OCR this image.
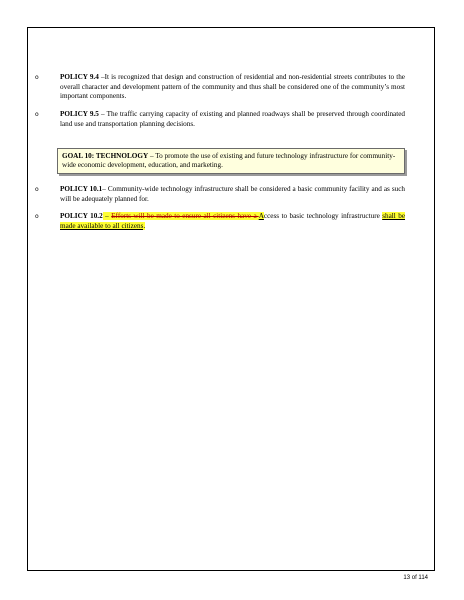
o	POLICY 9.4 –It is recognized that design and construction of residential and non-residential streets contributes to the overall character and development pattern of the community and thus shall be considered one of the community’s most important components.
o	POLICY 9.5 – The traffic carrying capacity of existing and planned roadways shall be preserved through coordinated land use and transportation planning decisions.
GOAL 10: TECHNOLOGY – To promote the use of existing and future technology infrastructure for community-wide economic development, education, and marketing.
o	POLICY 10.1– Community-wide technology infrastructure shall be considered a basic community facility and as such will be adequately planned for.
o	POLICY 10.2 – Efforts will be made to ensure all citizens have a Access to basic technology infrastructure shall be made available to all citizens.
13 of 114
